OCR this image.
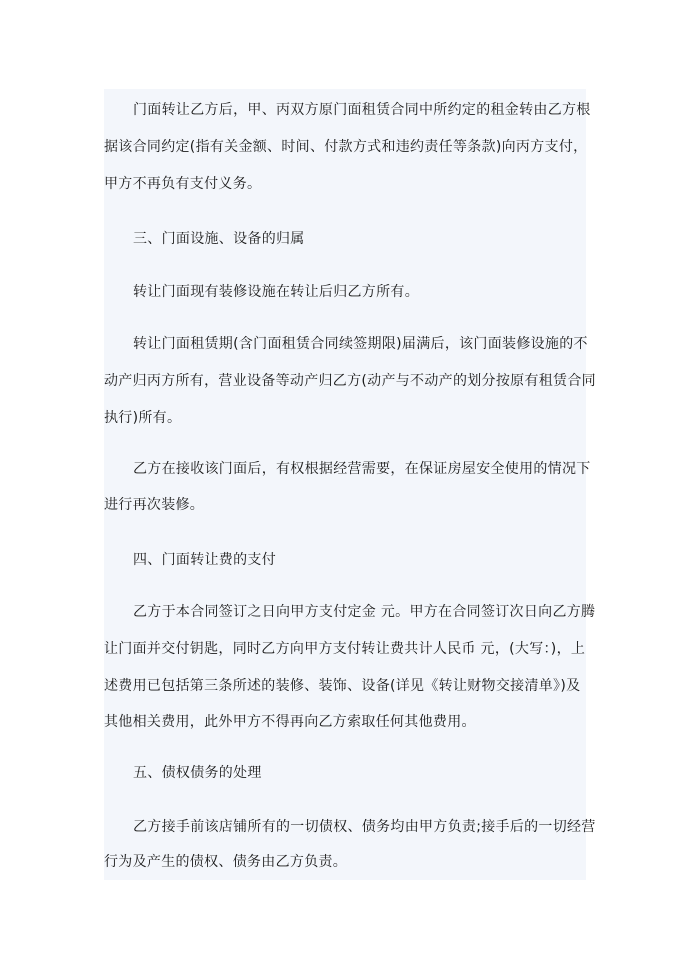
门面转让乙方后，甲、丙双方原门面租赁合同中所约定的租金转由乙方根
据该合同约定(指有关金额、时间、付款方式和违约责任等条款)向丙方支付，
甲方不再负有支付义务。
三、门面设施、设备的归属
转让门面现有装修设施在转让后归乙方所有。
转让门面租赁期(含门面租赁合同续签期限)届满后，该门面装修设施的不
动产归丙方所有，营业设备等动产归乙方(动产与不动产的划分按原有租赁合同
执行)所有。
乙方在接收该门面后，有权根据经营需要，在保证房屋安全使用的情况下
进行再次装修。
四、门面转让费的支付
乙方于本合同签订之日向甲方支付定金 元。甲方在合同签订次日向乙方腾
让门面并交付钥匙，同时乙方向甲方支付转让费共计人民币 元，(大写：)，上
述费用已包括第三条所述的装修、装饰、设备(详见《转让财物交接清单》)及
其他相关费用，此外甲方不得再向乙方索取任何其他费用。
五、债权债务的处理
乙方接手前该店铺所有的一切债权、债务均由甲方负责;接手后的一切经营
行为及产生的债权、债务由乙方负责。
